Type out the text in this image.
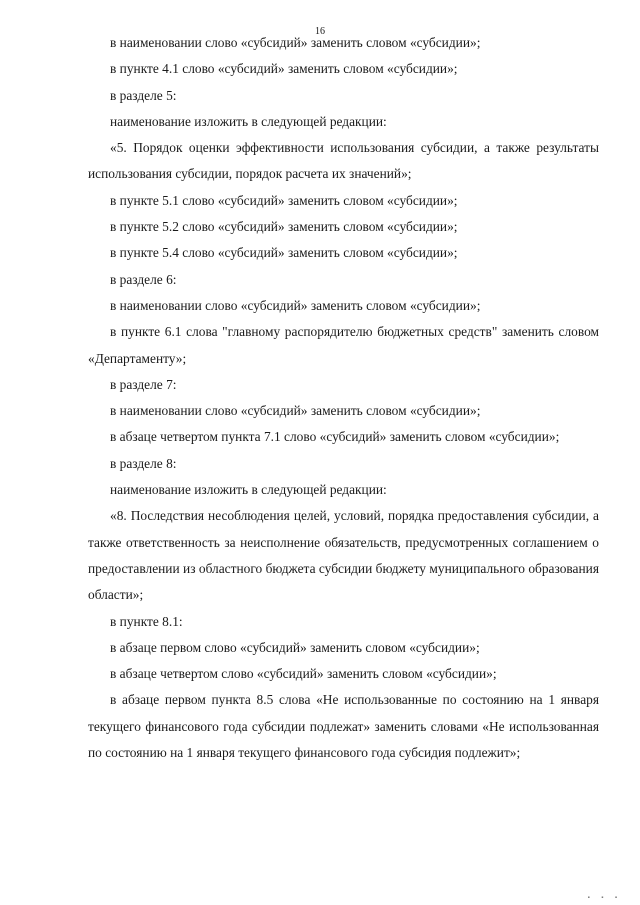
16

в наименовании слово «субсидий» заменить словом «субсидии»;

в пункте 4.1 слово «субсидий» заменить словом «субсидии»;

в разделе 5:

наименование изложить в следующей редакции:

«5. Порядок оценки эффективности использования субсидии, а также результаты использования субсидии, порядок расчета их значений»;

в пункте 5.1 слово «субсидий» заменить словом «субсидии»;

в пункте 5.2 слово «субсидий» заменить словом «субсидии»;

в пункте 5.4 слово «субсидий» заменить словом «субсидии»;

в разделе 6:

в наименовании слово «субсидий» заменить словом «субсидии»;

в пункте 6.1 слова "главному распорядителю бюджетных средств" заменить словом «Департаменту»;

в разделе 7:

в наименовании слово «субсидий» заменить словом «субсидии»;

в абзаце четвертом пункта 7.1 слово «субсидий» заменить словом «субсидии»;

в разделе 8:

наименование изложить в следующей редакции:

«8. Последствия несоблюдения целей, условий, порядка предоставления субсидии, а также ответственность за неисполнение обязательств, предусмотренных соглашением о предоставлении из областного бюджета субсидии бюджету муниципального образования области»;

в пункте 8.1:

в абзаце первом слово «субсидий» заменить словом «субсидии»;

в абзаце четвертом слово «субсидий» заменить словом «субсидии»;

в абзаце первом пункта 8.5 слова «Не использованные по состоянию на 1 января текущего финансового года субсидии подлежат» заменить словами «Не использованная по состоянию на 1 января текущего финансового года субсидия подлежит»;

▪ ▪ ▪
